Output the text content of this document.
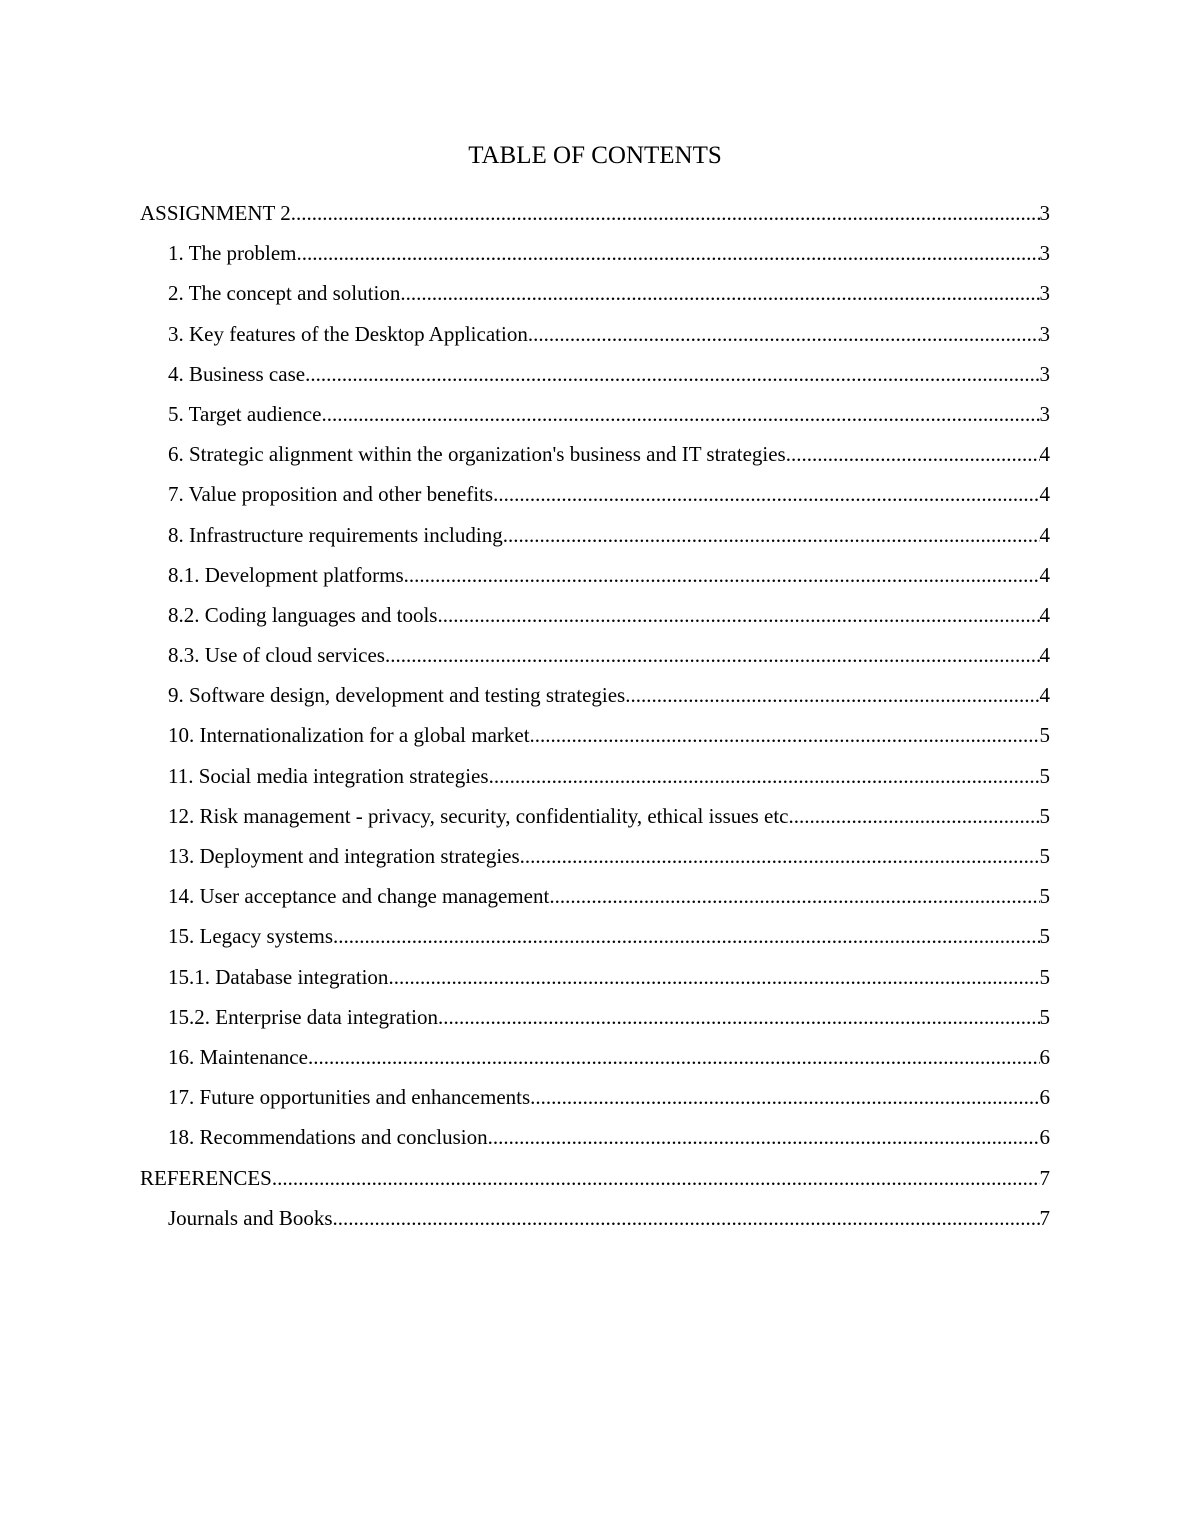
TABLE OF CONTENTS
ASSIGNMENT 2 .....	3
1. The problem .....	3
2. The concept and solution .....	3
3. Key features of the Desktop Application .....	3
4. Business case .....	3
5. Target audience .....	3
6. Strategic alignment within the organization's business and IT strategies .....	4
7. Value proposition and other benefits .....	4
8. Infrastructure requirements including .....	4
8.1. Development platforms .....	4
8.2. Coding languages and tools .....	4
8.3. Use of cloud services .....	4
9. Software design, development and testing strategies .....	4
10. Internationalization for a global market .....	5
11. Social media integration strategies .....	5
12. Risk management - privacy, security, confidentiality, ethical issues etc .....	5
13. Deployment and integration strategies .....	5
14. User acceptance and change management .....	5
15. Legacy systems .....	5
15.1. Database integration .....	5
15.2. Enterprise data integration .....	5
16. Maintenance .....	6
17. Future opportunities and enhancements .....	6
18. Recommendations and conclusion .....	6
REFERENCES .....	7
Journals and Books .....	7
